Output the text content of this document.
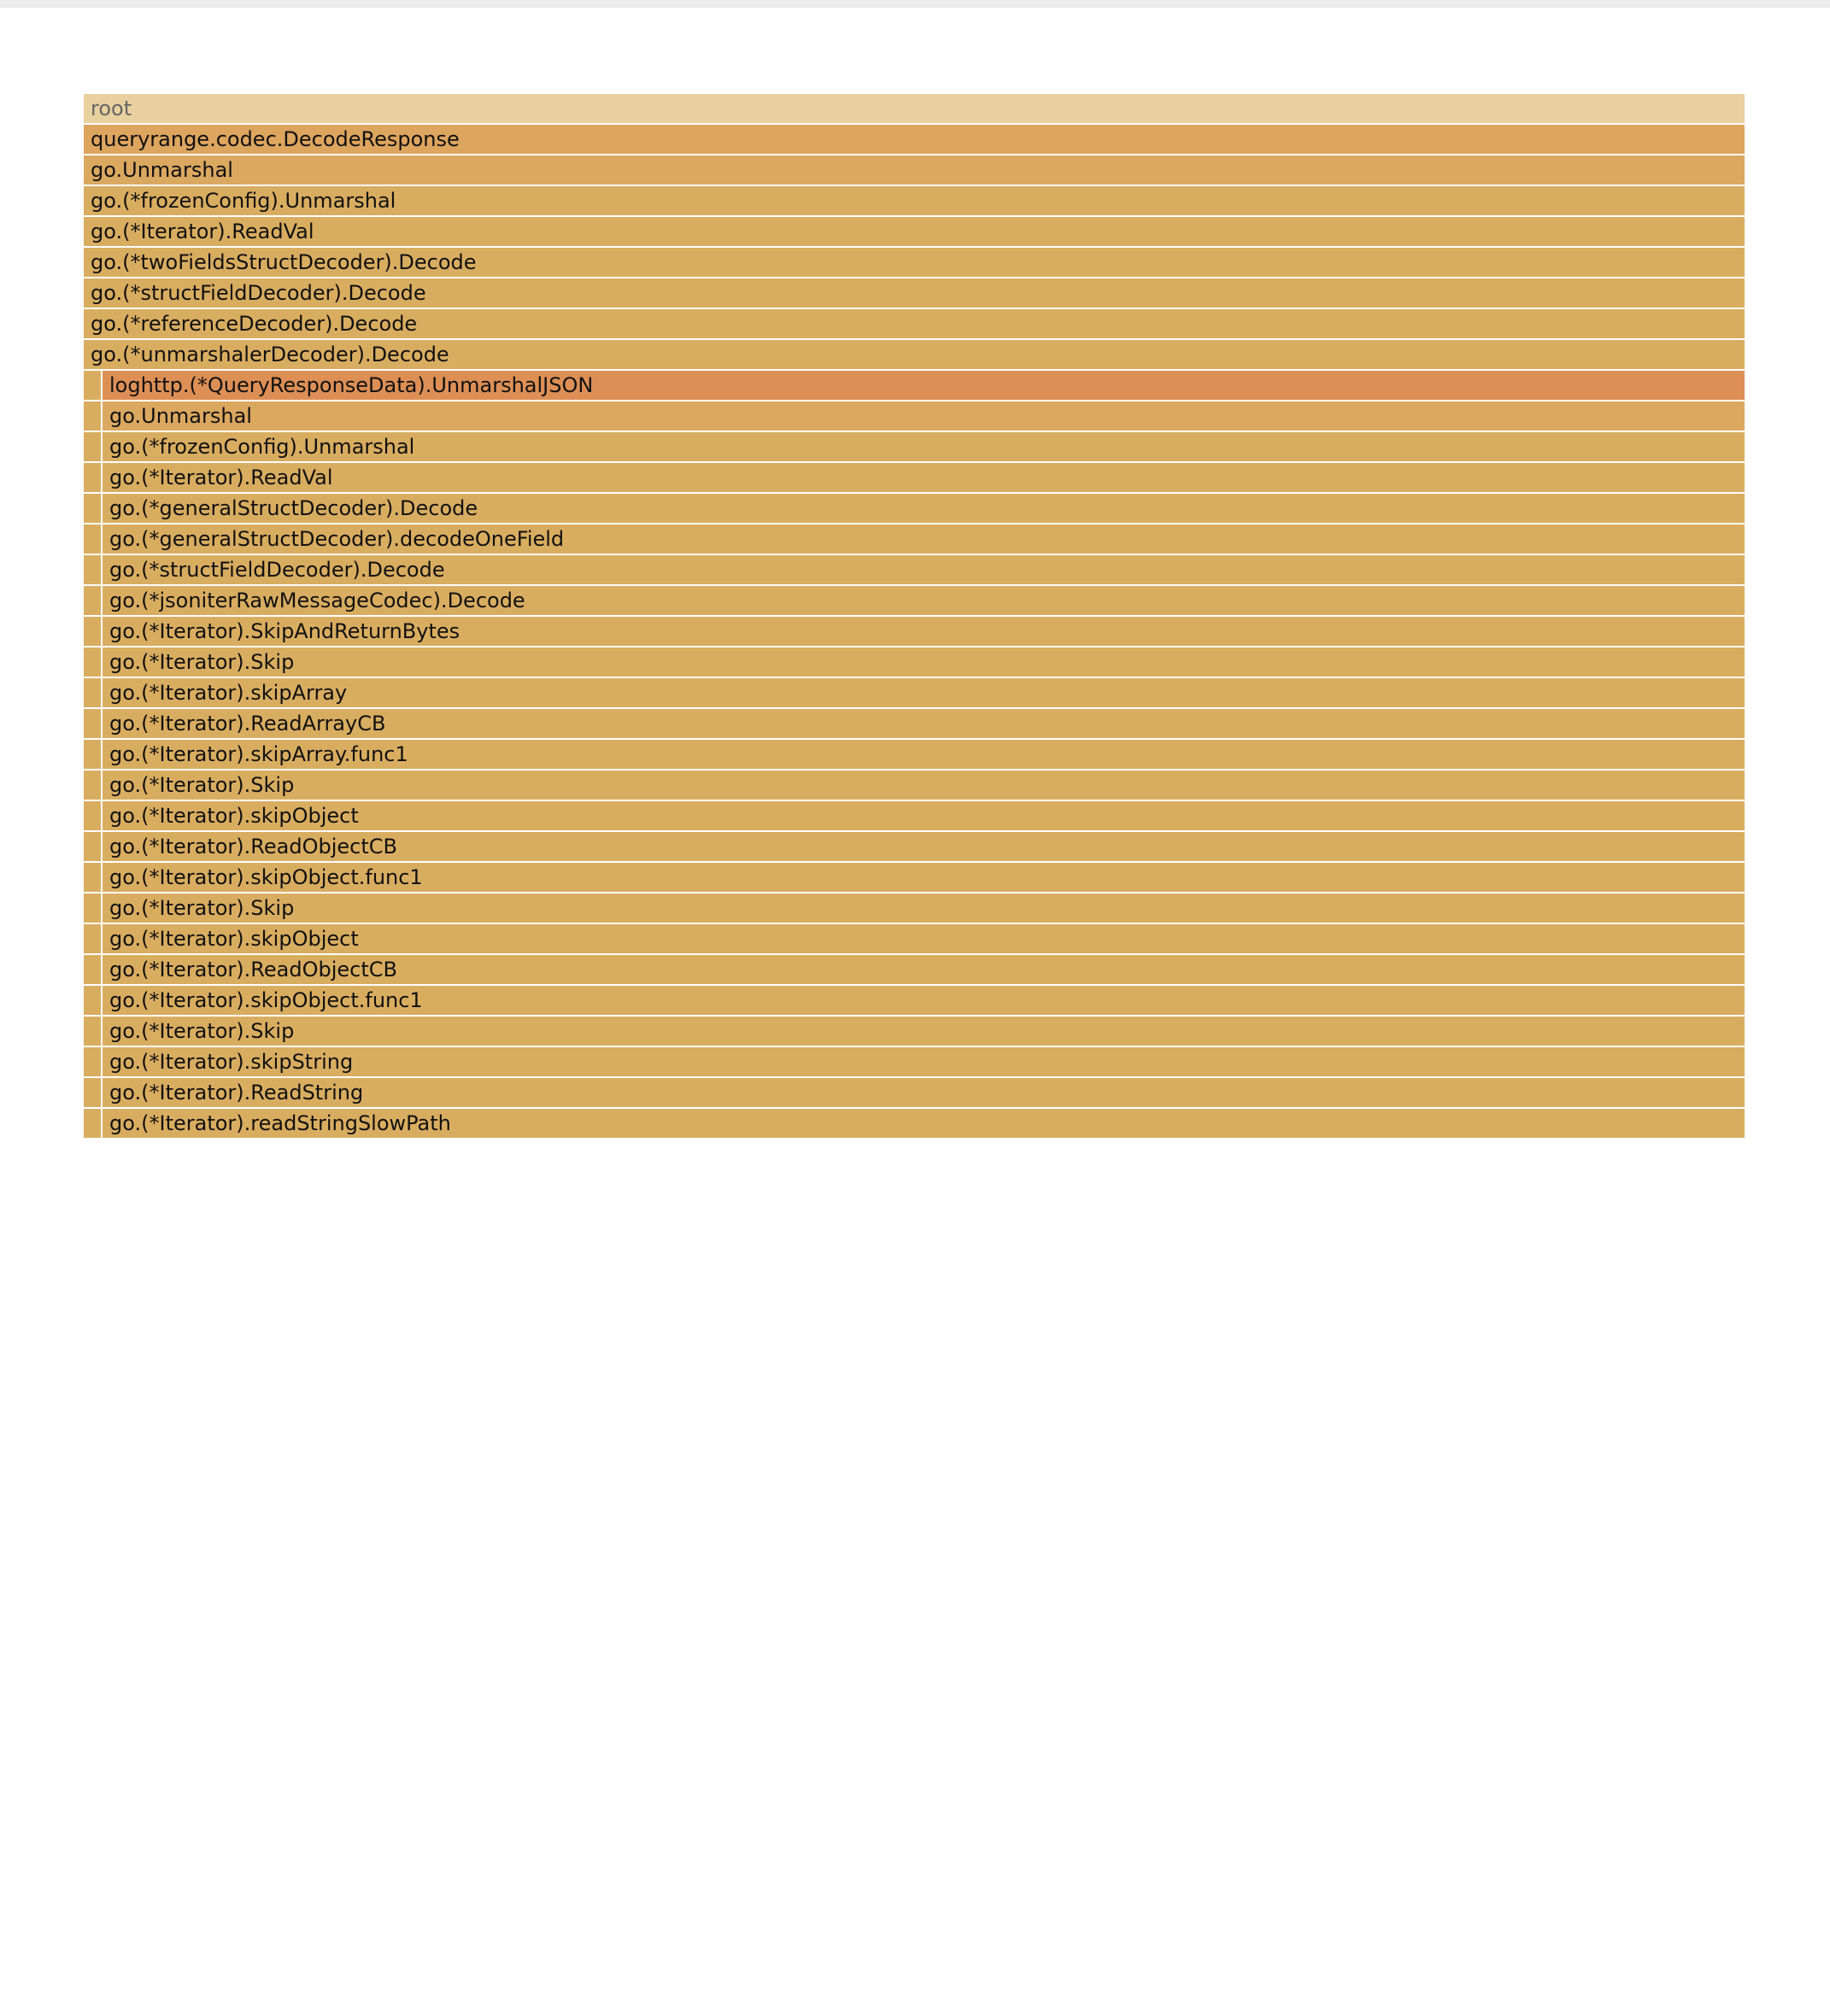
root
queryrange.codec.DecodeResponse
go.Unmarshal
go.(*frozenConfig).Unmarshal
go.(*Iterator).ReadVal
go.(*twoFieldsStructDecoder).Decode
go.(*structFieldDecoder).Decode
go.(*referenceDecoder).Decode
go.(*unmarshalerDecoder).Decode
loghttp.(*QueryResponseData).UnmarshalJSON
go.Unmarshal
go.(*frozenConfig).Unmarshal
go.(*Iterator).ReadVal
go.(*generalStructDecoder).Decode
go.(*generalStructDecoder).decodeOneField
go.(*structFieldDecoder).Decode
go.(*jsoniterRawMessageCodec).Decode
go.(*Iterator).SkipAndReturnBytes
go.(*Iterator).Skip
go.(*Iterator).skipArray
go.(*Iterator).ReadArrayCB
go.(*Iterator).skipArray.func1
go.(*Iterator).Skip
go.(*Iterator).skipObject
go.(*Iterator).ReadObjectCB
go.(*Iterator).skipObject.func1
go.(*Iterator).Skip
go.(*Iterator).skipObject
go.(*Iterator).ReadObjectCB
go.(*Iterator).skipObject.func1
go.(*Iterator).Skip
go.(*Iterator).skipString
go.(*Iterator).ReadString
go.(*Iterator).readStringSlowPath
